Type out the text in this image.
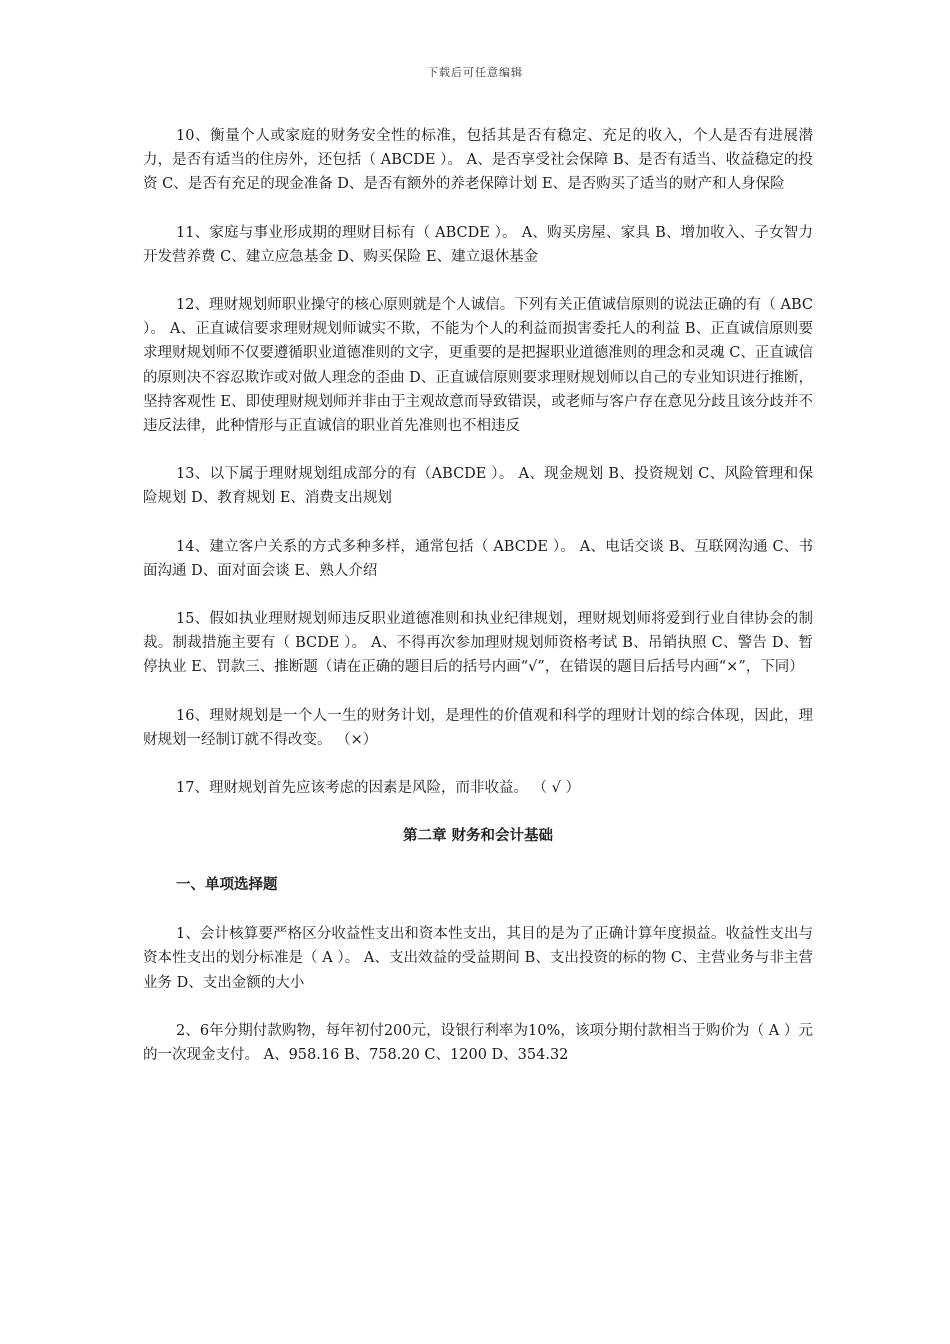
下载后可任意编辑

10、衡量个人或家庭的财务安全性的标准，包括其是否有稳定、充足的收入，个人是否有进展潜力，是否有适当的住房外，还包括（ ABCDE ）。 A、是否享受社会保障 B、是否有适当、收益稳定的投资 C、是否有充足的现金准备 D、是否有额外的养老保障计划 E、是否购买了适当的财产和人身保险

11、家庭与事业形成期的理财目标有（ ABCDE ）。 A、购买房屋、家具 B、增加收入、子女智力开发营养费 C、建立应急基金 D、购买保险 E、建立退休基金

12、理财规划师职业操守的核心原则就是个人诚信。下列有关正值诚信原则的说法正确的有（ ABC ）。 A、正直诚信要求理财规划师诚实不欺，不能为个人的利益而损害委托人的利益 B、正直诚信原则要求理财规划师不仅要遵循职业道德准则的文字，更重要的是把握职业道德准则的理念和灵魂 C、正直诚信的原则决不容忍欺诈或对做人理念的歪曲 D、正直诚信原则要求理财规划师以自己的专业知识进行推断，坚持客观性 E、即使理财规划师并非由于主观故意而导致错误，或老师与客户存在意见分歧且该分歧并不违反法律，此种情形与正直诚信的职业首先准则也不相违反

13、以下属于理财规划组成部分的有（ABCDE ）。 A、现金规划 B、投资规划 C、风险管理和保险规划 D、教育规划 E、消费支出规划

14、建立客户关系的方式多种多样，通常包括（ ABCDE ）。 A、电话交谈 B、互联网沟通 C、书面沟通 D、面对面会谈 E、熟人介绍

15、假如执业理财规划师违反职业道德准则和执业纪律规划，理财规划师将爱到行业自律协会的制裁。制裁措施主要有（ BCDE ）。 A、不得再次参加理财规划师资格考试 B、吊销执照 C、警告 D、暂停执业 E、罚款三、推断题（请在正确的题目后的括号内画“√”，在错误的题目后括号内画“×”，下同）

16、理财规划是一个人一生的财务计划，是理性的价值观和科学的理财计划的综合体现，因此，理财规划一经制订就不得改变。 （×）

17、理财规划首先应该考虑的因素是风险，而非收益。 （ √ ）

第二章 财务和会计基础
一、单项选择题

1、会计核算要严格区分收益性支出和资本性支出，其目的是为了正确计算年度损益。收益性支出与资本性支出的划分标准是（ A ）。 A、支出效益的受益期间 B、支出投资的标的物 C、主营业务与非主营业务 D、支出金额的大小

2、6年分期付款购物，每年初付200元，设银行利率为10%，该项分期付款相当于购价为（ A ）元的一次现金支付。 A、958.16 B、758.20 C、1200 D、354.32
